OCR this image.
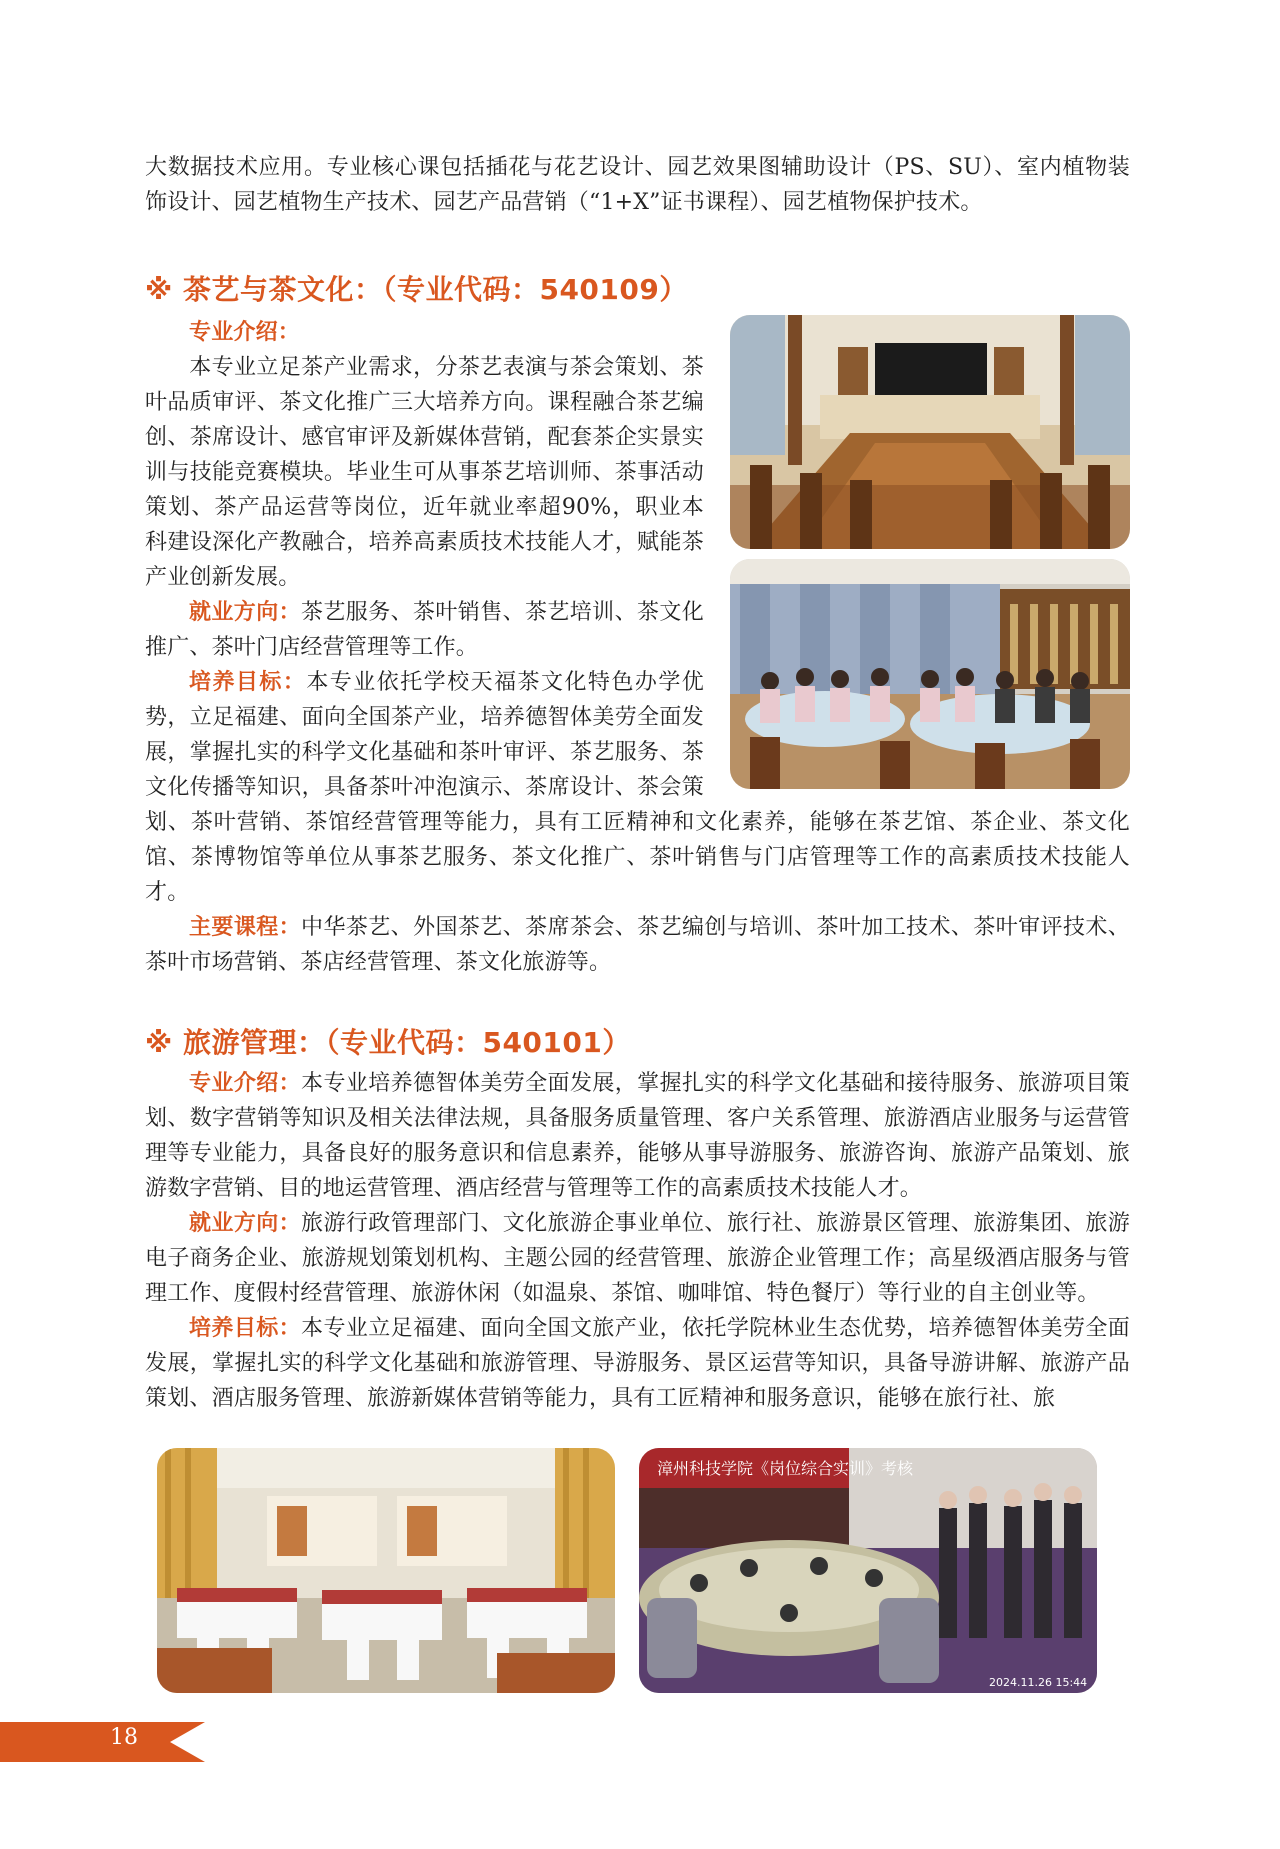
大数据技术应用。专业核心课包括插花与花艺设计、园艺效果图辅助设计（PS、SU）、室内植物装饰设计、园艺植物生产技术、园艺产品营销（“1+X”证书课程）、园艺植物保护技术。

※ 茶艺与茶文化：（专业代码：540109）

专业介绍：
本专业立足茶产业需求，分茶艺表演与茶会策划、茶叶品质审评、茶文化推广三大培养方向。课程融合茶艺编创、茶席设计、感官审评及新媒体营销，配套茶企实景实训与技能竞赛模块。毕业生可从事茶艺培训师、茶事活动策划、茶产品运营等岗位，近年就业率超90%，职业本科建设深化产教融合，培养高素质技术技能人才，赋能茶产业创新发展。

就业方向：茶艺服务、茶叶销售、茶艺培训、茶文化推广、茶叶门店经营管理等工作。

培养目标：本专业依托学校天福茶文化特色办学优势，立足福建、面向全国茶产业，培养德智体美劳全面发展，掌握扎实的科学文化基础和茶叶审评、茶艺服务、茶文化传播等知识，具备茶叶冲泡演示、茶席设计、茶会策划、茶叶营销、茶馆经营管理等能力，具有工匠精神和文化素养，能够在茶艺馆、茶企业、茶文化馆、茶博物馆等单位从事茶艺服务、茶文化推广、茶叶销售与门店管理等工作的高素质技术技能人才。

主要课程：中华茶艺、外国茶艺、茶席茶会、茶艺编创与培训、茶叶加工技术、茶叶审评技术、茶叶市场营销、茶店经营管理、茶文化旅游等。

※ 旅游管理：（专业代码：540101）

专业介绍：本专业培养德智体美劳全面发展，掌握扎实的科学文化基础和接待服务、旅游项目策划、数字营销等知识及相关法律法规，具备服务质量管理、客户关系管理、旅游酒店业服务与运营管理等专业能力，具备良好的服务意识和信息素养，能够从事导游服务、旅游咨询、旅游产品策划、旅游数字营销、目的地运营管理、酒店经营与管理等工作的高素质技术技能人才。

就业方向：旅游行政管理部门、文化旅游企事业单位、旅行社、旅游景区管理、旅游集团、旅游电子商务企业、旅游规划策划机构、主题公园的经营管理、旅游企业管理工作；高星级酒店服务与管理工作、度假村经营管理、旅游休闲（如温泉、茶馆、咖啡馆、特色餐厅）等行业的自主创业等。

培养目标：本专业立足福建、面向全国文旅产业，依托学院林业生态优势，培养德智体美劳全面发展，掌握扎实的科学文化基础和旅游管理、导游服务、景区运营等知识，具备导游讲解、旅游产品策划、酒店服务管理、旅游新媒体营销等能力，具有工匠精神和服务意识，能够在旅行社、旅

漳州科技学院《岗位综合实训》考核
2024.11.26 15:44
18
